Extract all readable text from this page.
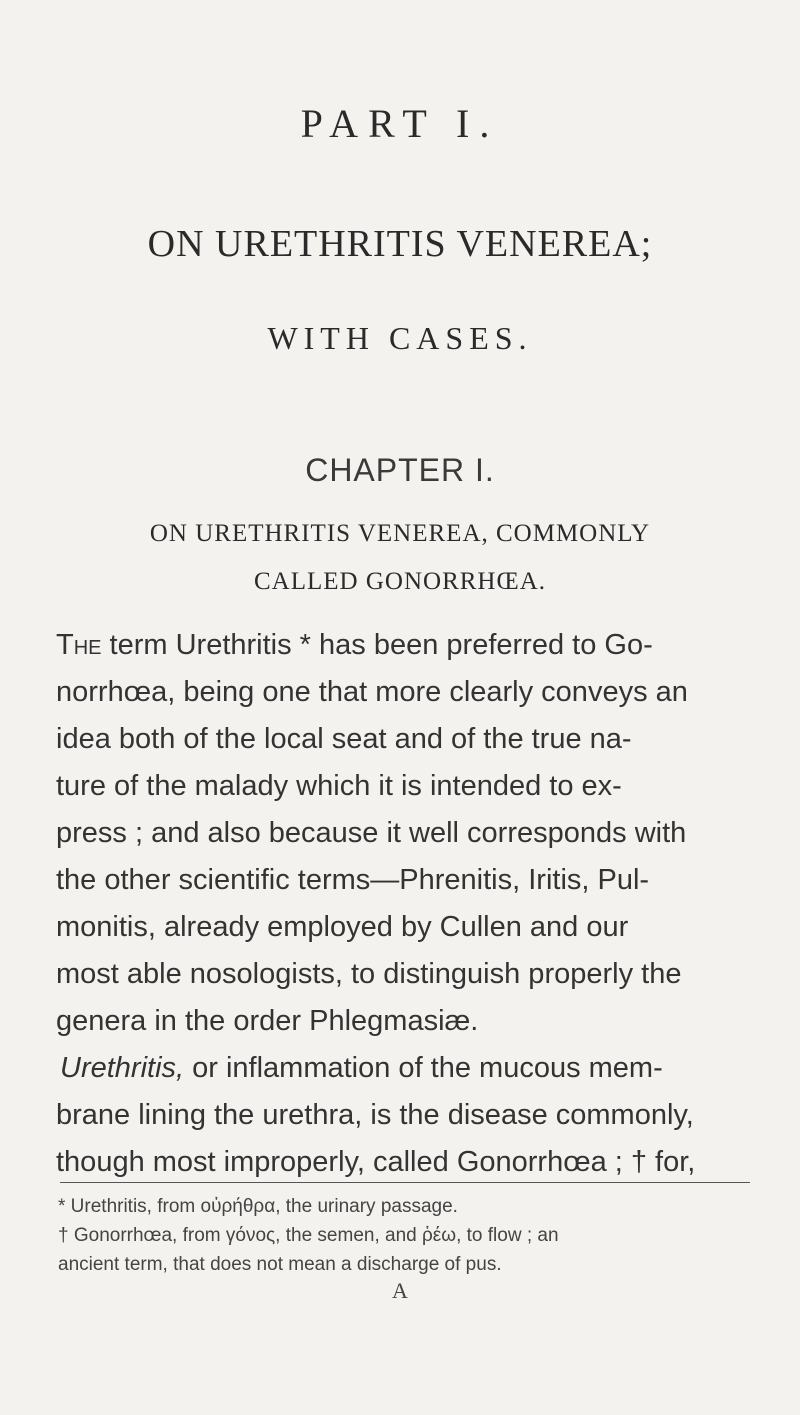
PART I.
ON URETHRITIS VENEREA;
WITH CASES.
CHAPTER I.
ON URETHRITIS VENEREA, COMMONLY
CALLED GONORRHŒA.
The term Urethritis * has been preferred to Go-
norrhœa, being one that more clearly conveys an
idea both of the local seat and of the true na-
ture of the malady which it is intended to ex-
press ; and also because it well corresponds with
the other scientific terms—Phrenitis, Iritis, Pul-
monitis, already employed by Cullen and our
most able nosologists, to distinguish properly the
genera in the order Phlegmasiæ.
Urethritis, or inflammation of the mucous mem-
brane lining the urethra, is the disease commonly,
though most improperly, called Gonorrhœa ; † for,
* Urethritis, from οὐρήθρα, the urinary passage.
† Gonorrhœa, from γόνος, the semen, and ῥέω, to flow ; an
ancient term, that does not mean a discharge of pus.
A
